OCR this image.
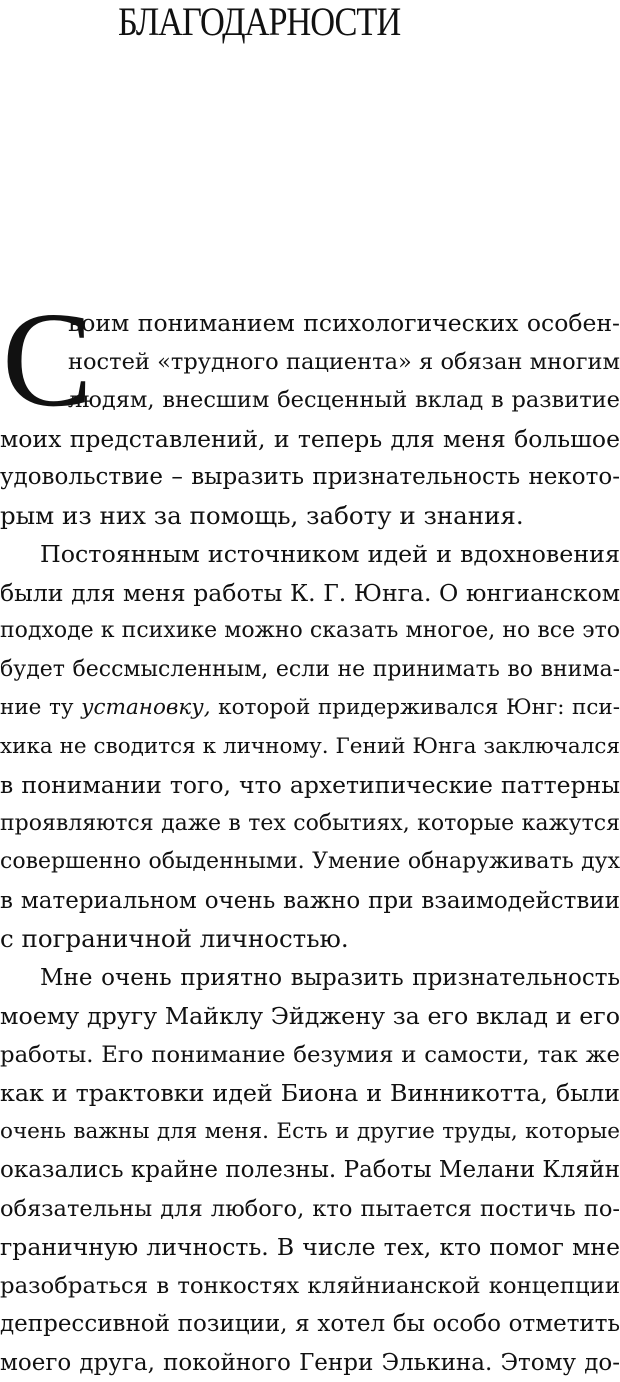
БЛАГОДАРНОСТИ
С
воим пониманием психологических особен-
ностей «трудного пациента» я обязан многим
людям, внесшим бесценный вклад в развитие
моих представлений, и теперь для меня большое
удовольствие – выразить признательность некото-
рым из них за помощь, заботу и знания.
Постоянным источником идей и вдохновения
были для меня работы К. Г. Юнга. О юнгианском
подходе к психике можно сказать многое, но все это
будет бессмысленным, если не принимать во внима-
ние ту установку, которой придерживался Юнг: пси-
хика не сводится к личному. Гений Юнга заключался
в понимании того, что архетипические паттерны
проявляются даже в тех событиях, которые кажутся
совершенно обыденными. Умение обнаруживать дух
в материальном очень важно при взаимодействии
с пограничной личностью.
Мне очень приятно выразить признательность
моему другу Майклу Эйджену за его вклад и его
работы. Его понимание безумия и самости, так же
как и трактовки идей Биона и Винникотта, были
очень важны для меня. Есть и другие труды, которые
оказались крайне полезны. Работы Мелани Кляйн
обязательны для любого, кто пытается постичь по-
граничную личность. В числе тех, кто помог мне
разобраться в тонкостях кляйнианской концепции
депрессивной позиции, я хотел бы особо отметить
моего друга, покойного Генри Элькина. Этому до-
